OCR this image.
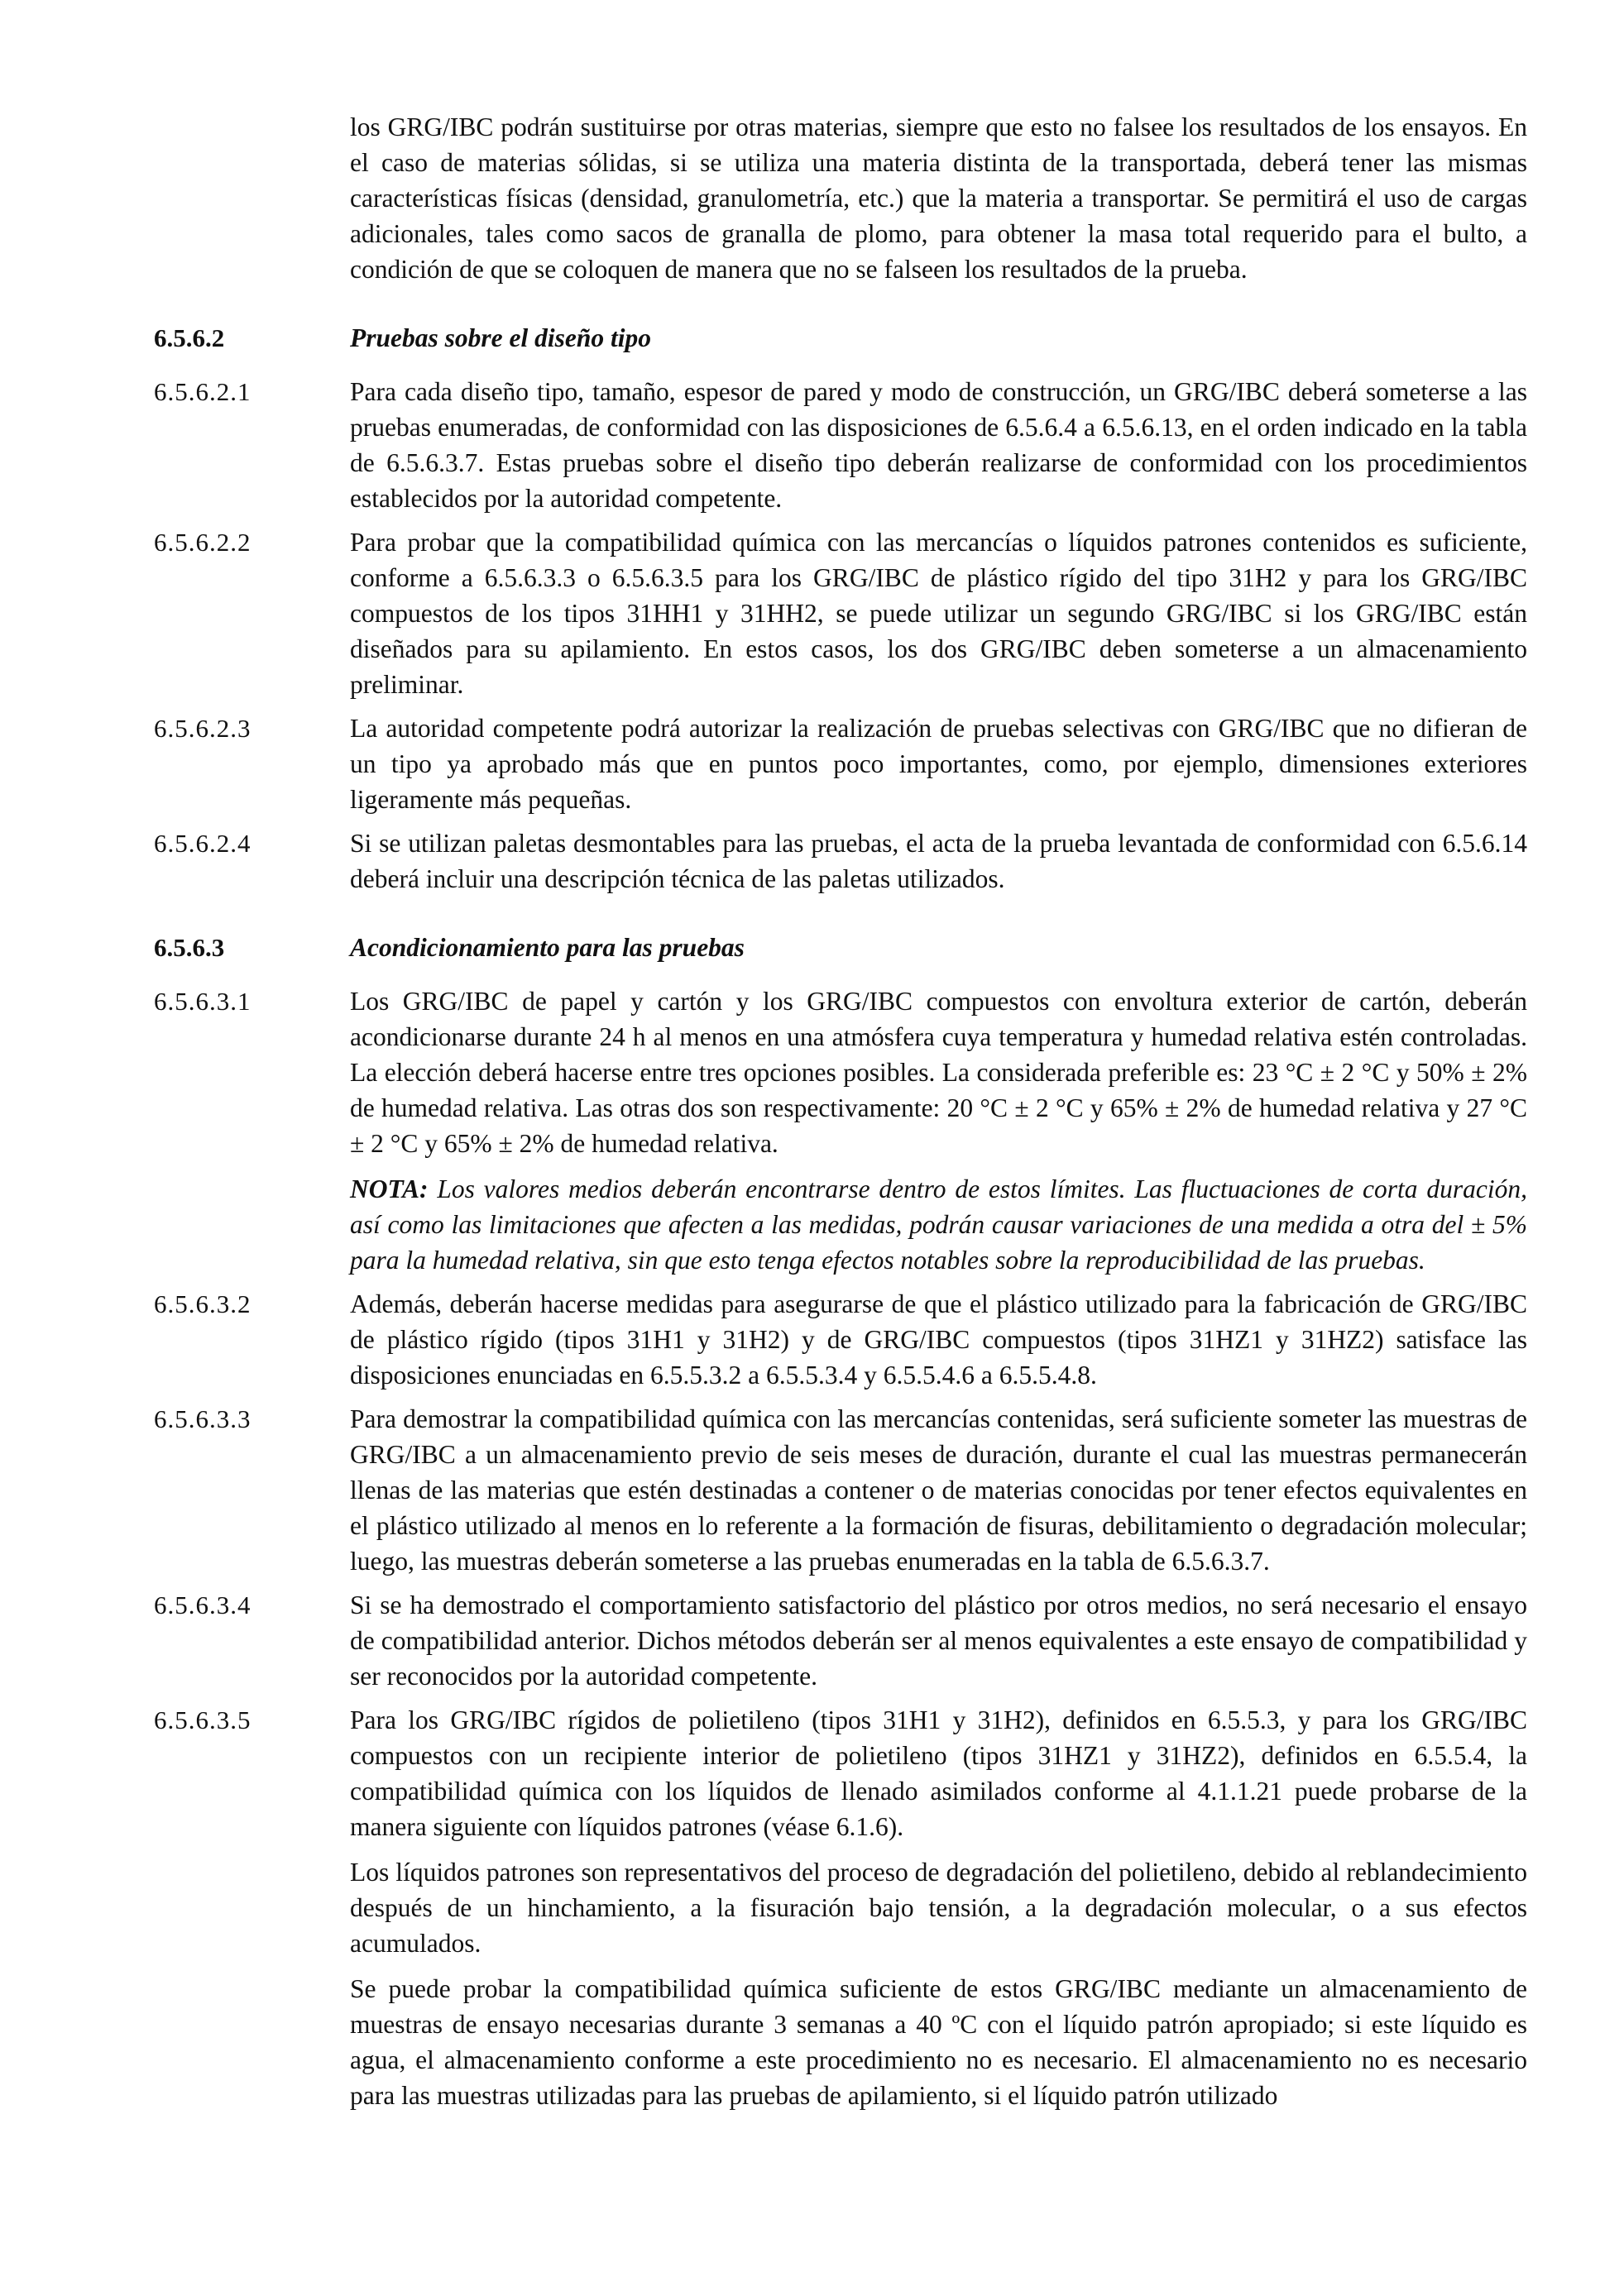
los GRG/IBC podrán sustituirse por otras materias, siempre que esto no falsee los resultados de los ensayos. En el caso de materias sólidas, si se utiliza una materia distinta de la transportada, deberá tener las mismas características físicas (densidad, granulometría, etc.) que la materia a transportar. Se permitirá el uso de cargas adicionales, tales como sacos de granalla de plomo, para obtener la masa total requerido para el bulto, a condición de que se coloquen de manera que no se falseen los resultados de la prueba.

6.5.6.2	Pruebas sobre el diseño tipo

6.5.6.2.1	Para cada diseño tipo, tamaño, espesor de pared y modo de construcción, un GRG/IBC deberá someterse a las pruebas enumeradas, de conformidad con las disposiciones de 6.5.6.4 a 6.5.6.13, en el orden indicado en la tabla de 6.5.6.3.7. Estas pruebas sobre el diseño tipo deberán realizarse de conformidad con los procedimientos establecidos por la autoridad competente.

6.5.6.2.2	Para probar que la compatibilidad química con las mercancías o líquidos patrones contenidos es suficiente, conforme a 6.5.6.3.3 o 6.5.6.3.5 para los GRG/IBC de plástico rígido del tipo 31H2 y para los GRG/IBC compuestos de los tipos 31HH1 y 31HH2, se puede utilizar un segundo GRG/IBC si los GRG/IBC están diseñados para su apilamiento. En estos casos, los dos GRG/IBC deben someterse a un almacenamiento preliminar.

6.5.6.2.3	La autoridad competente podrá autorizar la realización de pruebas selectivas con GRG/IBC que no difieran de un tipo ya aprobado más que en puntos poco importantes, como, por ejemplo, dimensiones exteriores ligeramente más pequeñas.

6.5.6.2.4	Si se utilizan paletas desmontables para las pruebas, el acta de la prueba levantada de conformidad con 6.5.6.14 deberá incluir una descripción técnica de las paletas utilizados.

6.5.6.3	Acondicionamiento para las pruebas

6.5.6.3.1	Los GRG/IBC de papel y cartón y los GRG/IBC compuestos con envoltura exterior de cartón, deberán acondicionarse durante 24 h al menos en una atmósfera cuya temperatura y humedad relativa estén controladas. La elección deberá hacerse entre tres opciones posibles. La considerada preferible es: 23 °C ± 2 °C y 50% ± 2% de humedad relativa. Las otras dos son respectivamente: 20 °C ± 2 °C y 65% ± 2% de humedad relativa y 27 °C ± 2 °C y 65% ± 2% de humedad relativa.

NOTA: Los valores medios deberán encontrarse dentro de estos límites. Las fluctuaciones de corta duración, así como las limitaciones que afecten a las medidas, podrán causar variaciones de una medida a otra del ± 5% para la humedad relativa, sin que esto tenga efectos notables sobre la reproducibilidad de las pruebas.

6.5.6.3.2	Además, deberán hacerse medidas para asegurarse de que el plástico utilizado para la fabricación de GRG/IBC de plástico rígido (tipos 31H1 y 31H2) y de GRG/IBC compuestos (tipos 31HZ1 y 31HZ2) satisface las disposiciones enunciadas en 6.5.5.3.2 a 6.5.5.3.4 y 6.5.5.4.6 a 6.5.5.4.8.

6.5.6.3.3	Para demostrar la compatibilidad química con las mercancías contenidas, será suficiente someter las muestras de GRG/IBC a un almacenamiento previo de seis meses de duración, durante el cual las muestras permanecerán llenas de las materias que estén destinadas a contener o de materias conocidas por tener efectos equivalentes en el plástico utilizado al menos en lo referente a la formación de fisuras, debilitamiento o degradación molecular; luego, las muestras deberán someterse a las pruebas enumeradas en la tabla de 6.5.6.3.7.

6.5.6.3.4	Si se ha demostrado el comportamiento satisfactorio del plástico por otros medios, no será necesario el ensayo de compatibilidad anterior. Dichos métodos deberán ser al menos equivalentes a este ensayo de compatibilidad y ser reconocidos por la autoridad competente.

6.5.6.3.5	Para los GRG/IBC rígidos de polietileno (tipos 31H1 y 31H2), definidos en 6.5.5.3, y para los GRG/IBC compuestos con un recipiente interior de polietileno (tipos 31HZ1 y 31HZ2), definidos en 6.5.5.4, la compatibilidad química con los líquidos de llenado asimilados conforme al 4.1.1.21 puede probarse de la manera siguiente con líquidos patrones (véase 6.1.6).

Los líquidos patrones son representativos del proceso de degradación del polietileno, debido al reblandecimiento después de un hinchamiento, a la fisuración bajo tensión, a la degradación molecular, o a sus efectos acumulados.

Se puede probar la compatibilidad química suficiente de estos GRG/IBC mediante un almacenamiento de muestras de ensayo necesarias durante 3 semanas a 40 ºC con el líquido patrón apropiado; si este líquido es agua, el almacenamiento conforme a este procedimiento no es necesario. El almacenamiento no es necesario para las muestras utilizadas para las pruebas de apilamiento, si el líquido patrón utilizado
